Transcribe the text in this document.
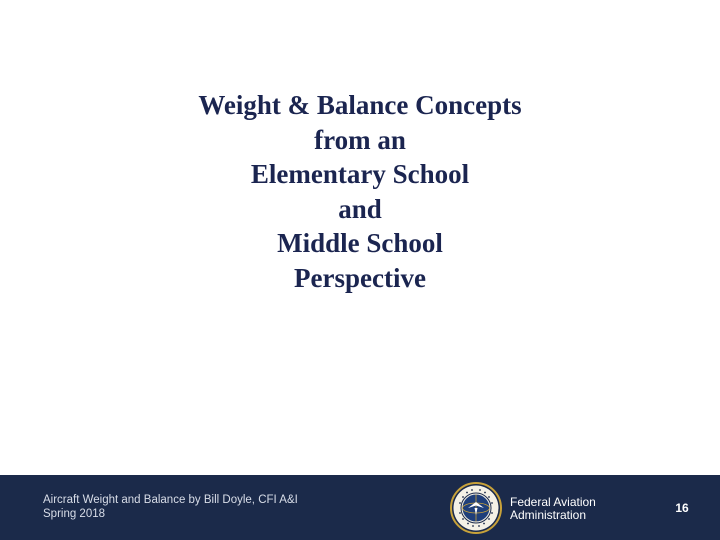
Weight & Balance Concepts
from an
Elementary School
and
Middle School
Perspective
Aircraft Weight and Balance by Bill Doyle, CFI A&I
Spring 2018
Federal Aviation
Administration	16
